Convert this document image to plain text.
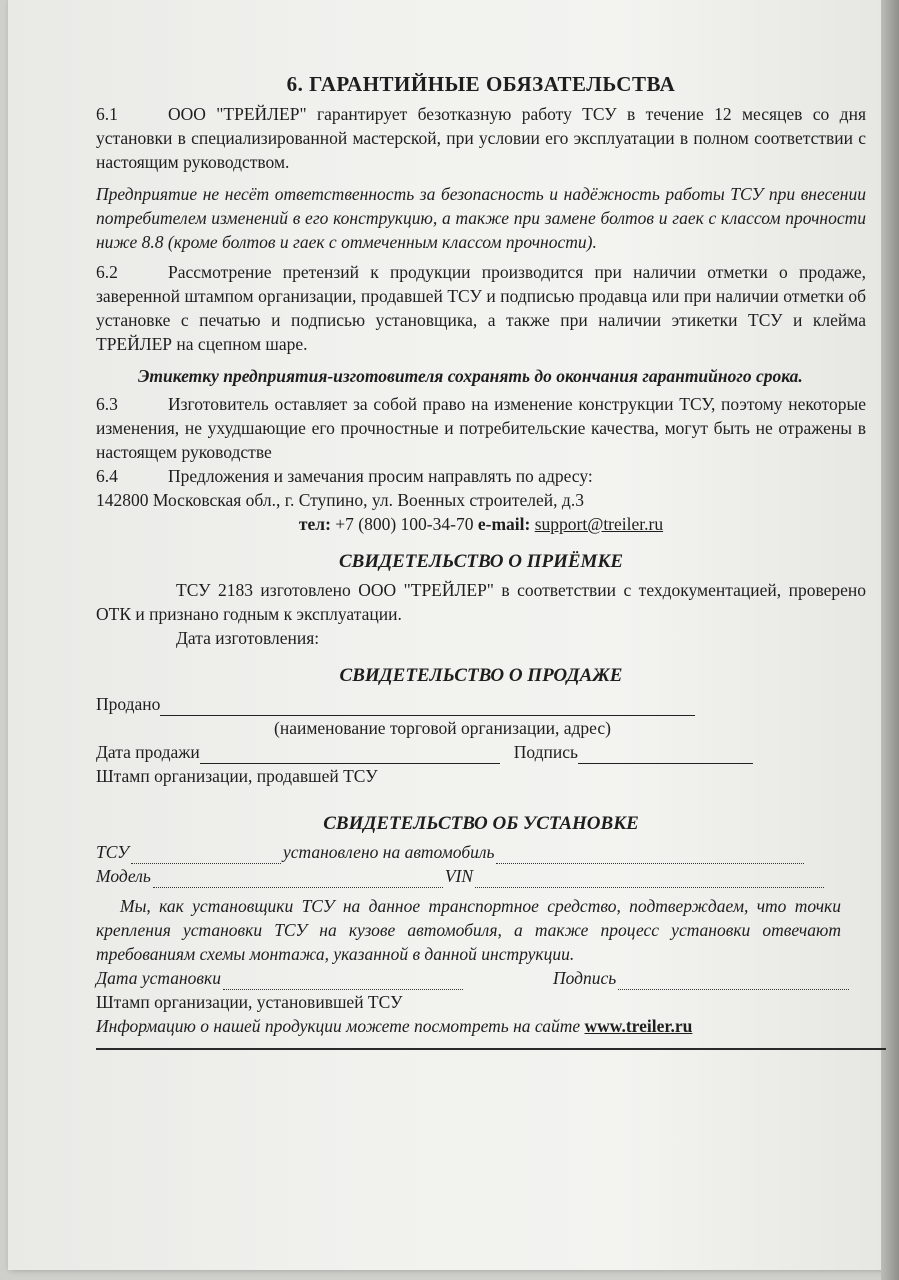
6. ГАРАНТИЙНЫЕ ОБЯЗАТЕЛЬСТВА

6.1	ООО "ТРЕЙЛЕР" гарантирует безотказную работу ТСУ в течение 12 месяцев со дня установки в специализированной мастерской, при условии его эксплуатации в полном соответствии с настоящим руководством.

Предприятие не несёт ответственность за безопасность и надёжность работы ТСУ при внесении потребителем изменений в его конструкцию, а также при замене болтов и гаек с классом прочности ниже 8.8 (кроме болтов и гаек с отмеченным классом прочности).

6.2	Рассмотрение претензий к продукции производится при наличии отметки о продаже, заверенной штампом организации, продавшей ТСУ и подписью продавца или при наличии отметки об установке с печатью и подписью установщика, а также при наличии этикетки ТСУ и клейма ТРЕЙЛЕР на сцепном шаре.

Этикетку предприятия-изготовителя сохранять до окончания гарантийного срока.

6.3	Изготовитель оставляет за собой право на изменение конструкции ТСУ, поэтому некоторые изменения, не ухудшающие его прочностные и потребительские качества, могут быть не отражены в настоящем руководстве

6.4	Предложения и замечания просим направлять по адресу:

142800 Московская обл., г. Ступино, ул. Военных строителей, д.3

тел: +7 (800) 100-34-70 e-mail: support@treiler.ru

СВИДЕТЕЛЬСТВО О ПРИЁМКЕ

ТСУ 2183 изготовлено ООО "ТРЕЙЛЕР" в соответствии с техдокументацией, проверено ОТК и признано годным к эксплуатации.

Дата изготовления:

СВИДЕТЕЛЬСТВО О ПРОДАЖЕ
Продано

(наименование торговой организации, адрес)

Дата продажи	Подпись

Штамп организации, продавшей ТСУ

СВИДЕТЕЛЬСТВО ОБ УСТАНОВКЕ
ТСУ	установлено на автомобиль
Модель	VIN

Мы, как установщики ТСУ на данное транспортное средство, подтверждаем, что точки крепления установки ТСУ на кузове автомобиля, а также процесс установки отвечают требованиям схемы монтажа, указанной в данной инструкции.

Дата установки	Подпись

Штамп организации, установившей ТСУ

Информацию о нашей продукции можете посмотреть на сайте www.treiler.ru
